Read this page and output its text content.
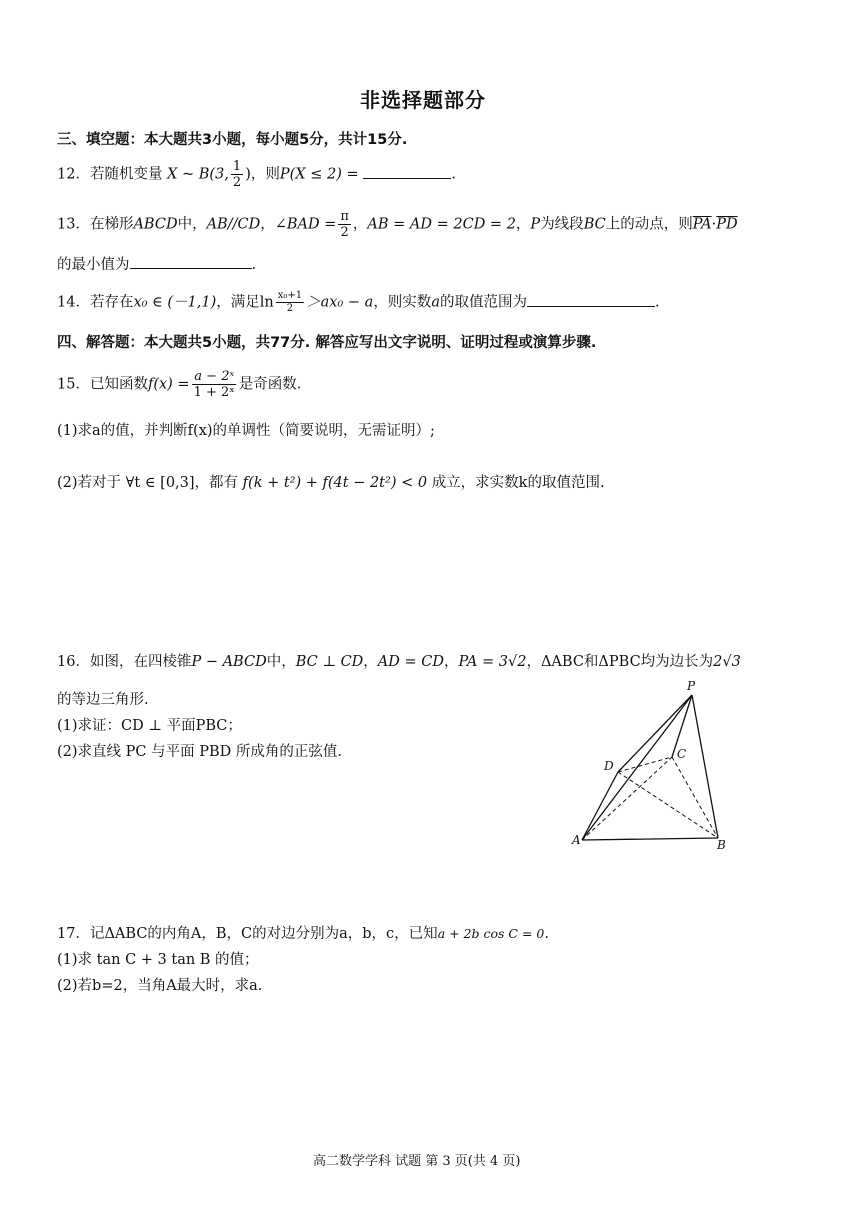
非选择题部分
三、填空题：本大题共3小题，每小题5分，共计15分.
12．若随机变量 X ~ B(3, $\frac{1}{2}$ )，则P(X ≤ 2) =	.
13．在梯形ABCD中，AB//CD，∠BAD = $\frac{\pi}{2}$ ，AB = AD = 2CD = 2，P为线段BC上的动点，则$\overline{PA}\cdot\overline{PD}$
的最小值为	.
14．若存在x₀ ∈ (－1,1)，满足$\ln \frac{\text{x₀+1}}{2} >ax_0 - a$，则实数a的取值范围为	.
四、解答题：本大题共5小题，共77分. 解答应写出文字说明、证明过程或演算步骤.
15．已知函数$f(x) = \frac{\text{a − 2ˣ}}{\text{1 + 2ˣ}}$ 是奇函数.
(1)求a的值，并判断f(x)的单调性（简要说明，无需证明）;
(2)若对于 ∀t ∈ [0,3]，都有 f(k + t²) + f(4t − 2t²) < 0 成立，求实数k的取值范围.
16．如图，在四棱锥P − ABCD中，BC ⊥ CD，AD = CD，PA = 3√2，ΔABC和ΔPBC均为边长为2√3
的等边三角形.
(1)求证：CD ⊥ 平面PBC；
(2)求直线 PC 与平面 PBD 所成角的正弦值.
P
D
C
A	B
17．记ΔABC的内角A，B，C的对边分别为a，b，c，已知a + 2b cos C = 0.
(1)求 tan C + 3 tan B 的值；
(2)若b=2，当角A最大时，求a.
高二数学学科 试题 第 3 页(共 4 页)
